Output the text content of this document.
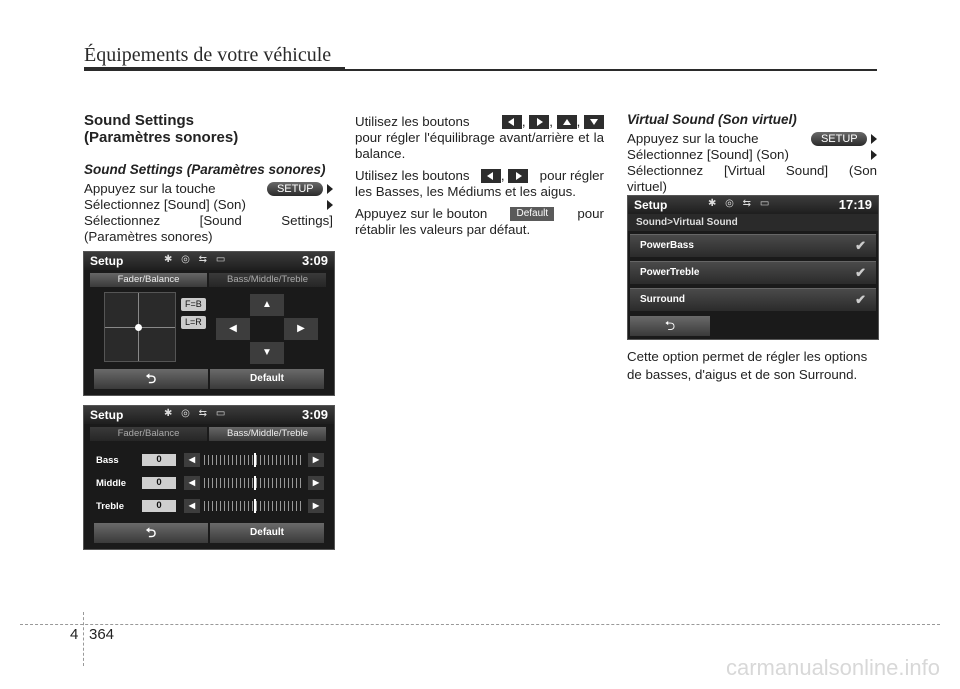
Équipements de votre véhicule
Sound Settings
(Paramètres sonores)
Sound Settings (Paramètres sonores)
Appuyez sur la touche	SETUP
Sélectionnez [Sound] (Son)
Sélectionnez [Sound Settings]
(Paramètres sonores)
Setup	✱ ◎ ⇆ ▭	3:09
Fader/Balance	Bass/Middle/Treble
F=B
L=R
▲
◀	▶
▼
⮌	Default
Setup	✱ ◎ ⇆ ▭	3:09
Fader/Balance	Bass/Middle/Treble
Bass	0	◀	▶
Middle	0	◀	▶
Treble	0	◀	▶
⮌	Default
Utilisez les boutons	, , ,
pour régler l'équilibrage avant/arrière et la balance.
Utilisez les boutons	,	pour régler
les Basses, les Médiums et les aigus.
Appuyez sur le bouton	Default	pour
rétablir les valeurs par défaut.
Virtual Sound (Son virtuel)
Appuyez sur la touche	SETUP
Sélectionnez [Sound] (Son)
Sélectionnez [Virtual Sound] (Son
virtuel)
Setup	✱ ◎ ⇆ ▭	17:19
Sound>Virtual Sound
PowerBass	✔
PowerTreble	✔
Surround	✔
⮌
Cette option permet de régler les options
de basses, d'aigus et de son Surround.
4 364
carmanualsonline.info
